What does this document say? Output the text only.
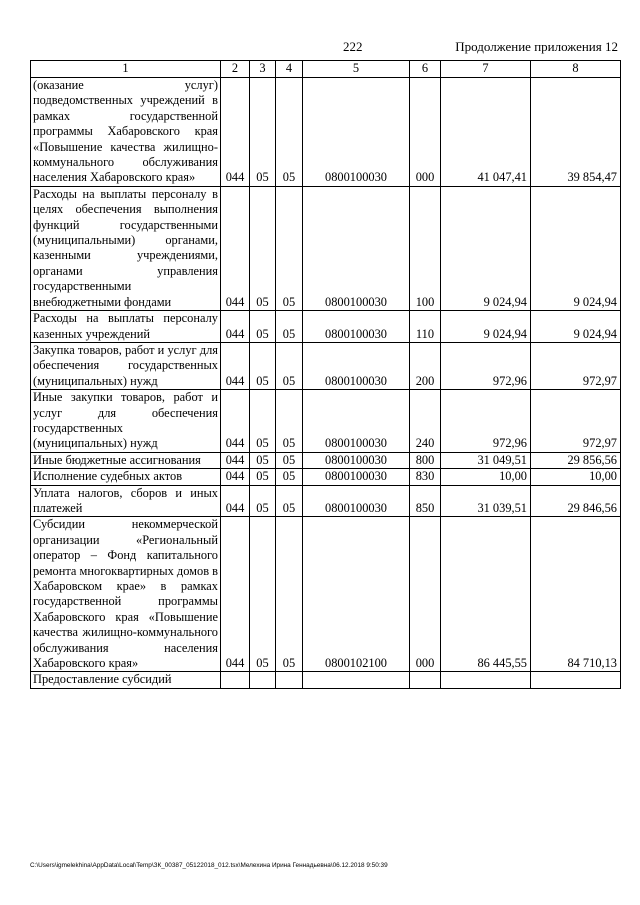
222	Продолжение приложения 12
1	2	3	4	5	6	7	8
(оказание услуг) подведомственных учреждений в рамках государственной программы Хабаровского края «Повышение качества жилищно-коммунального обслуживания населения Хабаровского края»	044	05	05	0800100030	000	41 047,41	39 854,47
Расходы на выплаты персоналу в целях обеспечения выполнения функций государственными (муниципальными) органами, казенными учреждениями, органами управления государственными внебюджетными фондами	044	05	05	0800100030	100	9 024,94	9 024,94
Расходы на выплаты персоналу казенных учреждений	044	05	05	0800100030	110	9 024,94	9 024,94
Закупка товаров, работ и услуг для обеспечения государственных (муниципальных) нужд	044	05	05	0800100030	200	972,96	972,97
Иные закупки товаров, работ и услуг для обеспечения государственных (муниципальных) нужд	044	05	05	0800100030	240	972,96	972,97
Иные бюджетные ассигнования	044	05	05	0800100030	800	31 049,51	29 856,56
Исполнение судебных актов	044	05	05	0800100030	830	10,00	10,00
Уплата налогов, сборов и иных платежей	044	05	05	0800100030	850	31 039,51	29 846,56
Субсидии некоммерческой организации «Региональный оператор – Фонд капитального ремонта многоквартирных домов в Хабаровском крае» в рамках государственной программы Хабаровского края «Повышение качества жилищно-коммунального обслуживания населения Хабаровского края»	044	05	05	0800102100	000	86 445,55	84 710,13
Предоставление субсидий							
C:\Users\igmelekhina\AppData\Local\Temp\ЗК_00387_05122018_012.tsx\Мелехина Ирина Геннадьевна\06.12.2018 9:50:39
